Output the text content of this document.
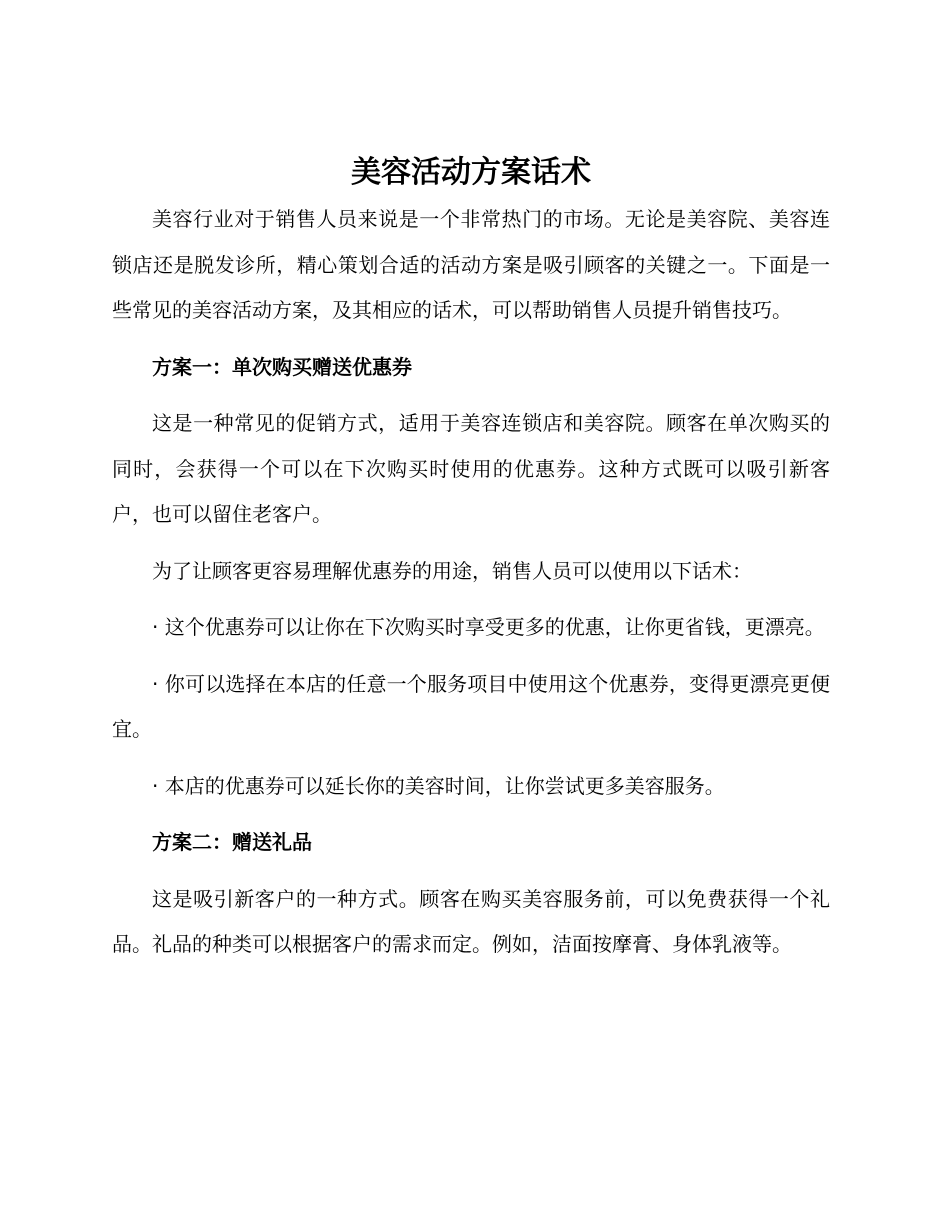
美容活动方案话术

美容行业对于销售人员来说是一个非常热门的市场。无论是美容院、美容连锁店还是脱发诊所，精心策划合适的活动方案是吸引顾客的关键之一。下面是一些常见的美容活动方案，及其相应的话术，可以帮助销售人员提升销售技巧。

方案一：单次购买赠送优惠券

这是一种常见的促销方式，适用于美容连锁店和美容院。顾客在单次购买的同时，会获得一个可以在下次购买时使用的优惠券。这种方式既可以吸引新客户，也可以留住老客户。

为了让顾客更容易理解优惠券的用途，销售人员可以使用以下话术：

· 这个优惠券可以让你在下次购买时享受更多的优惠，让你更省钱，更漂亮。

· 你可以选择在本店的任意一个服务项目中使用这个优惠券，变得更漂亮更便宜。

· 本店的优惠券可以延长你的美容时间，让你尝试更多美容服务。

方案二：赠送礼品

这是吸引新客户的一种方式。顾客在购买美容服务前，可以免费获得一个礼品。礼品的种类可以根据客户的需求而定。例如，洁面按摩膏、身体乳液等。
